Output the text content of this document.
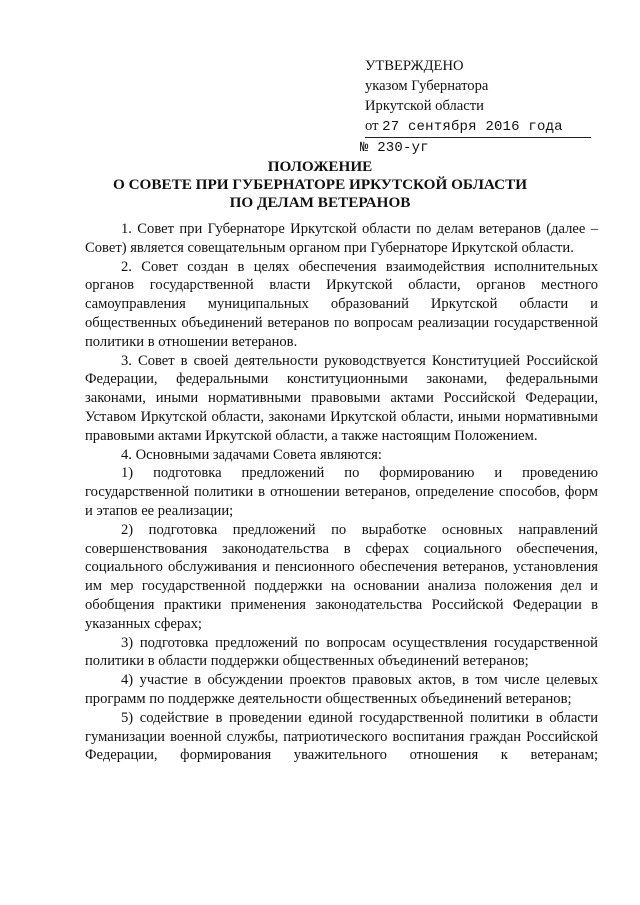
УТВЕРЖДЕНО
указом Губернатора
Иркутской области
от 27 сентября 2016 года
№ 230-уг
ПОЛОЖЕНИЕ
О СОВЕТЕ ПРИ ГУБЕРНАТОРЕ ИРКУТСКОЙ ОБЛАСТИ
ПО ДЕЛАМ ВЕТЕРАНОВ

1. Совет при Губернаторе Иркутской области по делам ветеранов (далее – Совет) является совещательным органом при Губернаторе Иркутской области.

2. Совет создан в целях обеспечения взаимодействия исполнительных органов государственной власти Иркутской области, органов местного самоуправления муниципальных образований Иркутской области и общественных объединений ветеранов по вопросам реализации государственной политики в отношении ветеранов.

3. Совет в своей деятельности руководствуется Конституцией Российской Федерации, федеральными конституционными законами, федеральными законами, иными нормативными правовыми актами Российской Федерации, Уставом Иркутской области, законами Иркутской области, иными нормативными правовыми актами Иркутской области, а также настоящим Положением.

4. Основными задачами Совета являются:

1) подготовка предложений по формированию и проведению государственной политики в отношении ветеранов, определение способов, форм и этапов ее реализации;

2) подготовка предложений по выработке основных направлений совершенствования законодательства в сферах социального обеспечения, социального обслуживания и пенсионного обеспечения ветеранов, установления им мер государственной поддержки на основании анализа положения дел и обобщения практики применения законодательства Российской Федерации в указанных сферах;

3) подготовка предложений по вопросам осуществления государственной политики в области поддержки общественных объединений ветеранов;

4) участие в обсуждении проектов правовых актов, в том числе целевых программ по поддержке деятельности общественных объединений ветеранов;

5) содействие в проведении единой государственной политики в области гуманизации военной службы, патриотического воспитания граждан Российской Федерации, формирования уважительного отношения к ветеранам;
